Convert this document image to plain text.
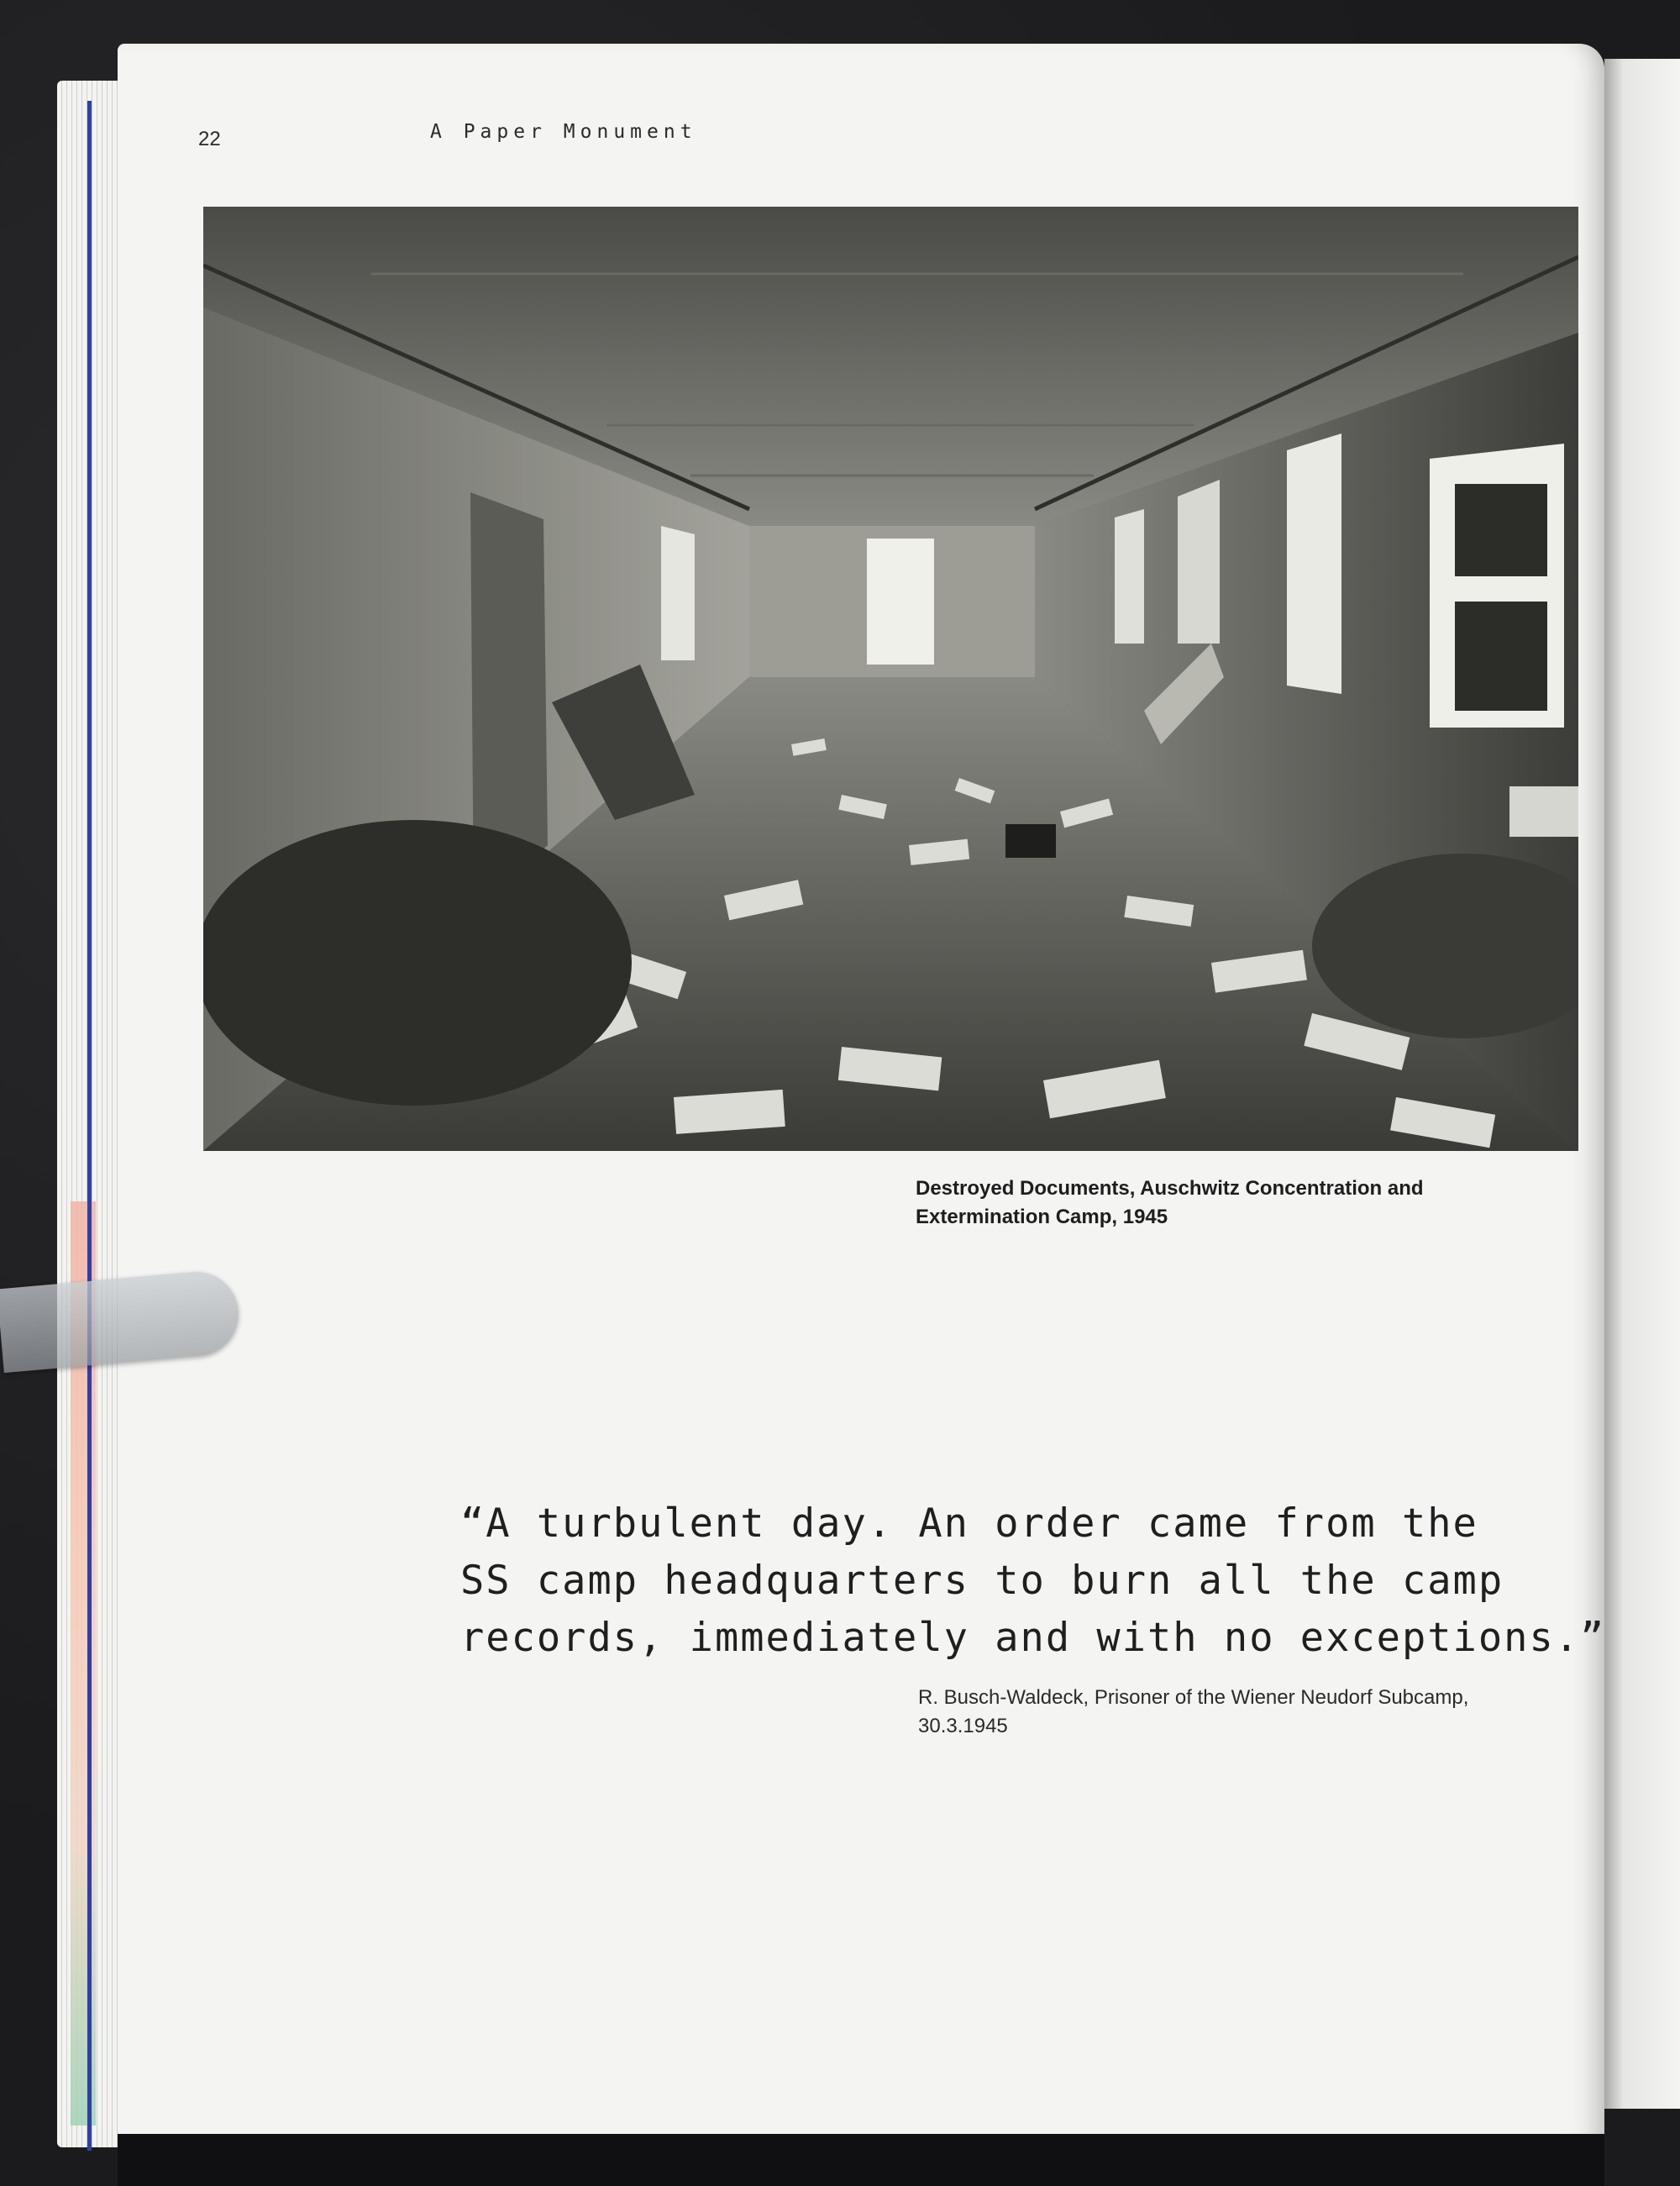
22	A Paper Monument
Destroyed Documents, Auschwitz Concentration and
Extermination Camp, 1945
“A turbulent day. An order came from the
SS camp headquarters to burn all the camp
records, immediately and with no exceptions.”
R. Busch-Waldeck, Prisoner of the Wiener Neudorf Subcamp,
30.3.1945
